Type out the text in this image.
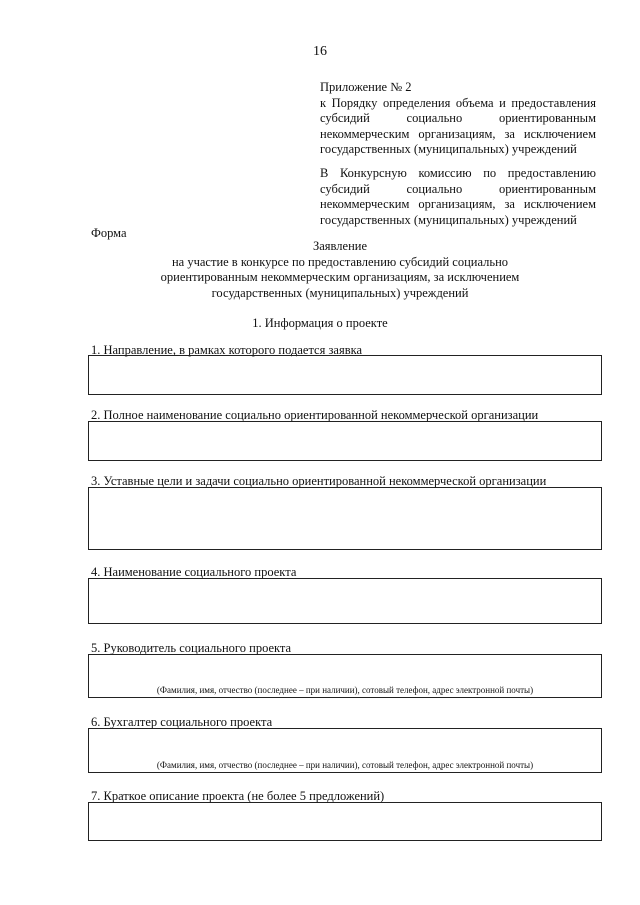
16
Приложение № 2
к Порядку определения объема и предоставления
субсидий социально ориентированным
некоммерческим организациям, за исключением
государственных (муниципальных) учреждений
В Конкурсную комиссию по предоставлению
субсидий социально ориентированным
некоммерческим организациям, за исключением
государственных (муниципальных) учреждений
Форма
Заявление
на участие в конкурсе по предоставлению субсидий социально
ориентированным некоммерческим организациям, за исключением
государственных (муниципальных) учреждений
1. Информация о проекте
1. Направление, в рамках которого подается заявка
2. Полное наименование социально ориентированной некоммерческой организации
3. Уставные цели и задачи социально ориентированной некоммерческой организации
4. Наименование социального проекта
5. Руководитель социального проекта
(Фамилия, имя, отчество (последнее – при наличии), сотовый телефон, адрес электронной почты)
6. Бухгалтер социального проекта
(Фамилия, имя, отчество (последнее – при наличии), сотовый телефон, адрес электронной почты)
7. Краткое описание проекта (не более 5 предложений)
